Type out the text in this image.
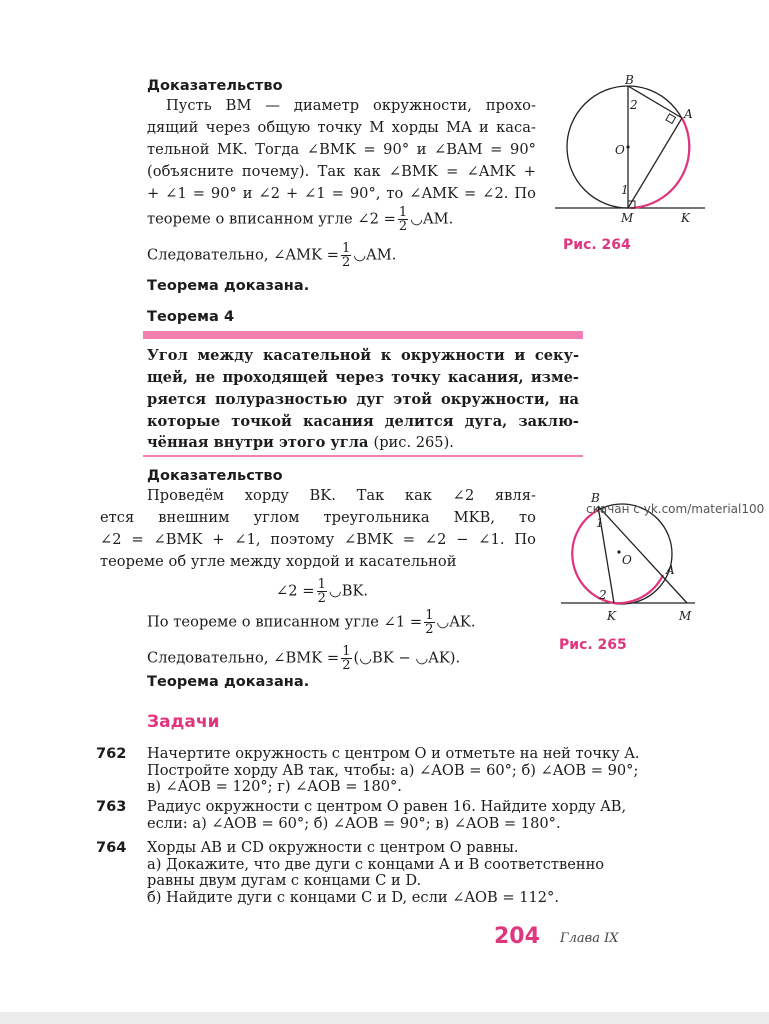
Доказательство
Пусть BM — диаметр окружности, прохо-
дящий через общую точку M хорды MA и каса-
тельной MK. Тогда ∠BMK = 90° и ∠BAM = 90°
(объясните почему). Так как ∠BMK = ∠AMK +
+ ∠1 = 90° и ∠2 + ∠1 = 90°, то ∠AMK = ∠2. По
теореме о вписанном угле ∠2 = $\frac{1}{2}$ ◡AM.
Следовательно, ∠AMK = $\frac{1}{2}$ ◡AM.
Теорема доказана.
B
A
O
M	K
1
2
Рис. 264
Теорема 4
Угол между касательной к окружности и секу-
щей, не проходящей через точку касания, изме-
ряется полуразностью дуг этой окружности, на
которые точкой касания делится дуга, заклю-
чённая внутри этого угла (рис. 265).
Доказательство
Проведём хорду BK. Так как ∠2 явля-
ется внешним углом треугольника MKB, то
∠2 = ∠BMK + ∠1, поэтому ∠BMK = ∠2 − ∠1. По
теореме об угле между хордой и касательной
∠2 = $\frac{1}{2}$ ◡BK.
По теореме о вписанном угле ∠1 = $\frac{1}{2}$ ◡AK.
Следовательно, ∠BMK = $\frac{1}{2}$ (◡BK − ◡AK).
Теорема доказана.
B
A
O
M
K
1
2
скачан с yk.com/material100
Рис. 265
Задачи
762 Начертите окружность с центром O и отметьте на ней точку A.
Постройте хорду AB так, чтобы: а) ∠AOB = 60°; б) ∠AOB = 90°;
в) ∠AOB = 120°; г) ∠AOB = 180°.
763 Радиус окружности с центром O равен 16. Найдите хорду AB,
если: а) ∠AOB = 60°; б) ∠AOB = 90°; в) ∠AOB = 180°.
764 Хорды AB и CD окружности с центром O равны.
а) Докажите, что две дуги с концами A и B соответственно
равны двум дугам с концами C и D.
б) Найдите дуги с концами C и D, если ∠AOB = 112°.
204 Глава IX
